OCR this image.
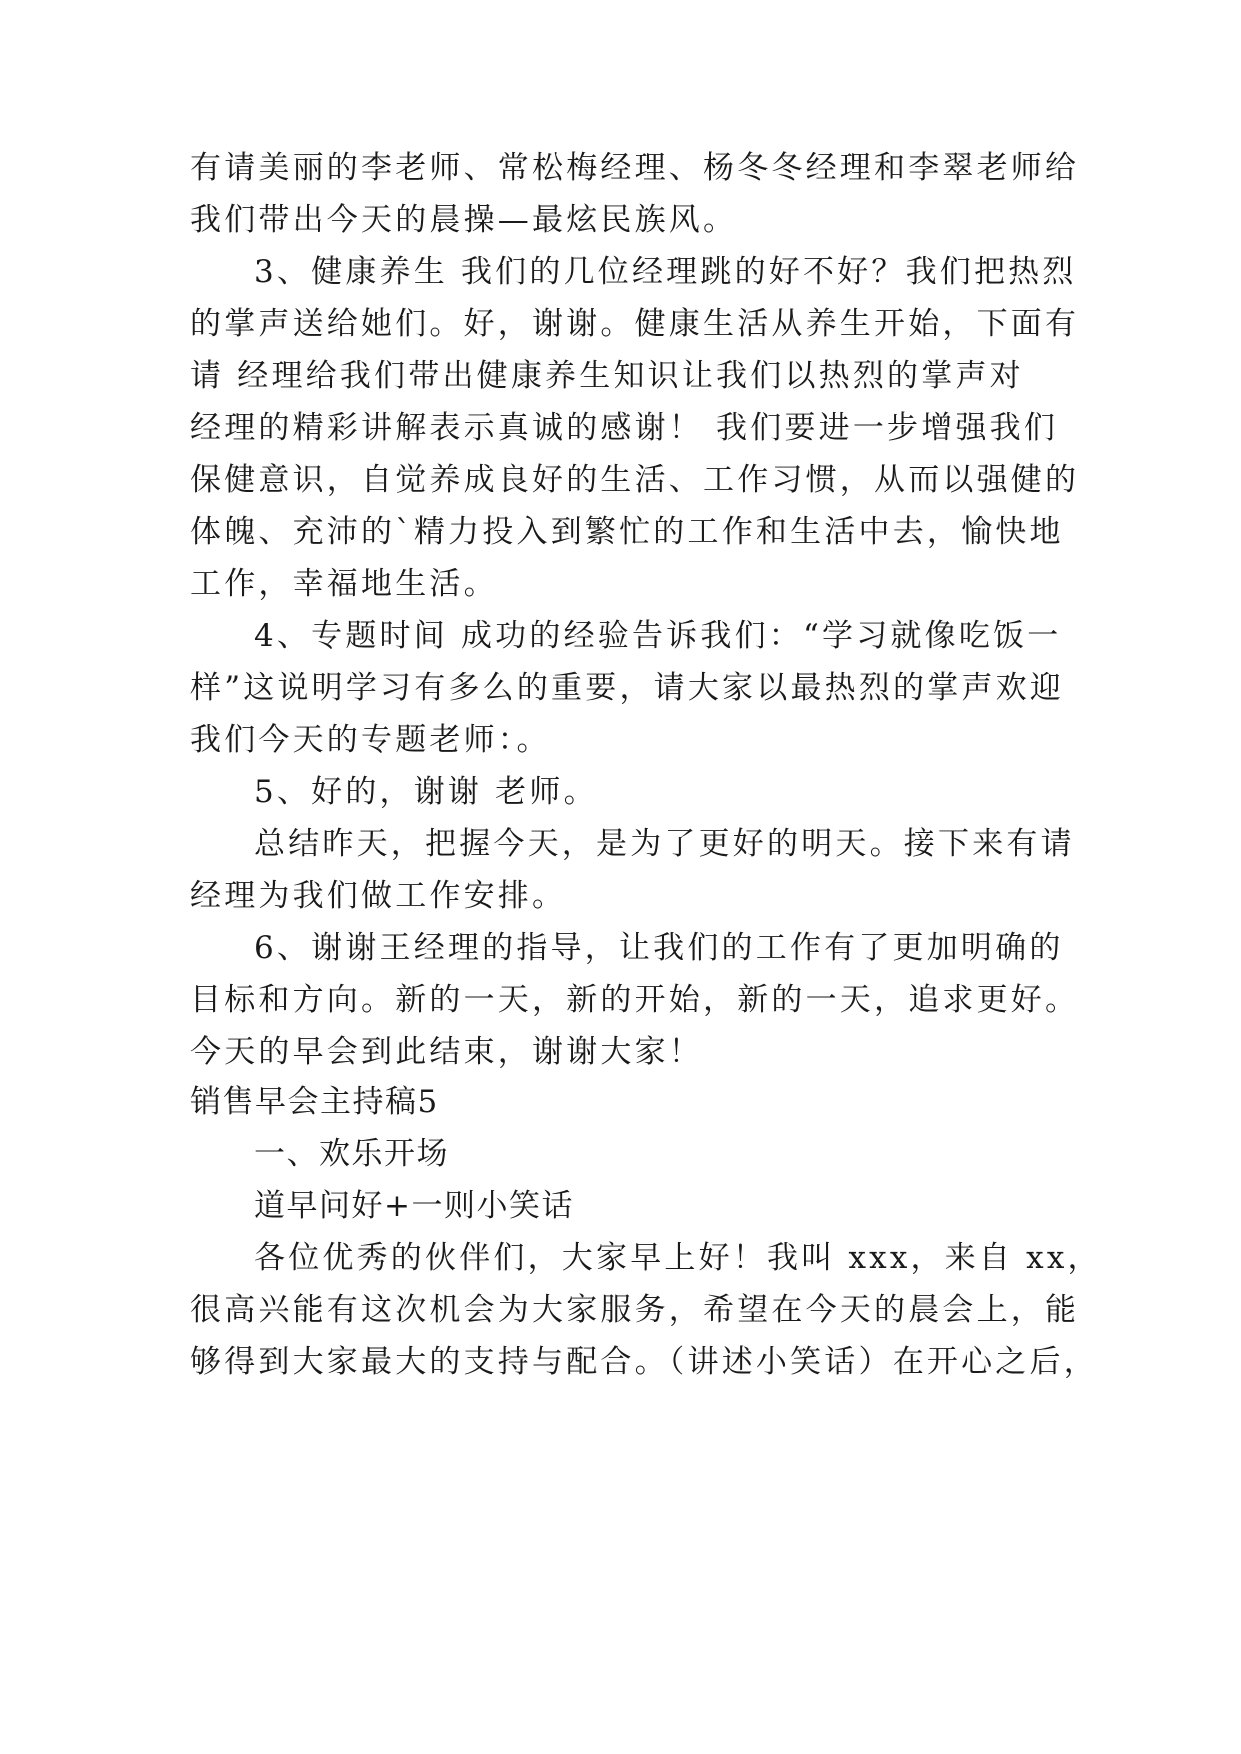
有请美丽的李老师、常松梅经理、杨冬冬经理和李翠老师给
我们带出今天的晨操—最炫民族风。
3、健康养生 我们的几位经理跳的好不好？我们把热烈
的掌声送给她们。好，谢谢。健康生活从养生开始，下面有
请 经理给我们带出健康养生知识让我们以热烈的掌声对
经理的精彩讲解表示真诚的感谢！ 我们要进一步增强我们
保健意识，自觉养成良好的生活、工作习惯，从而以强健的
体魄、充沛的`精力投入到繁忙的工作和生活中去，愉快地
工作，幸福地生活。
4、专题时间 成功的经验告诉我们：“学习就像吃饭一
样”这说明学习有多么的重要，请大家以最热烈的掌声欢迎
我们今天的专题老师：。
5、好的，谢谢 老师。
总结昨天，把握今天，是为了更好的明天。接下来有请
经理为我们做工作安排。
6、谢谢王经理的指导，让我们的工作有了更加明确的
目标和方向。新的一天，新的开始，新的一天，追求更好。
今天的早会到此结束，谢谢大家！
销售早会主持稿5
一、欢乐开场
道早问好+一则小笑话
各位优秀的伙伴们，大家早上好！我叫 xxx，来自 xx，
很高兴能有这次机会为大家服务，希望在今天的晨会上，能
够得到大家最大的支持与配合。（讲述小笑话）在开心之后，
